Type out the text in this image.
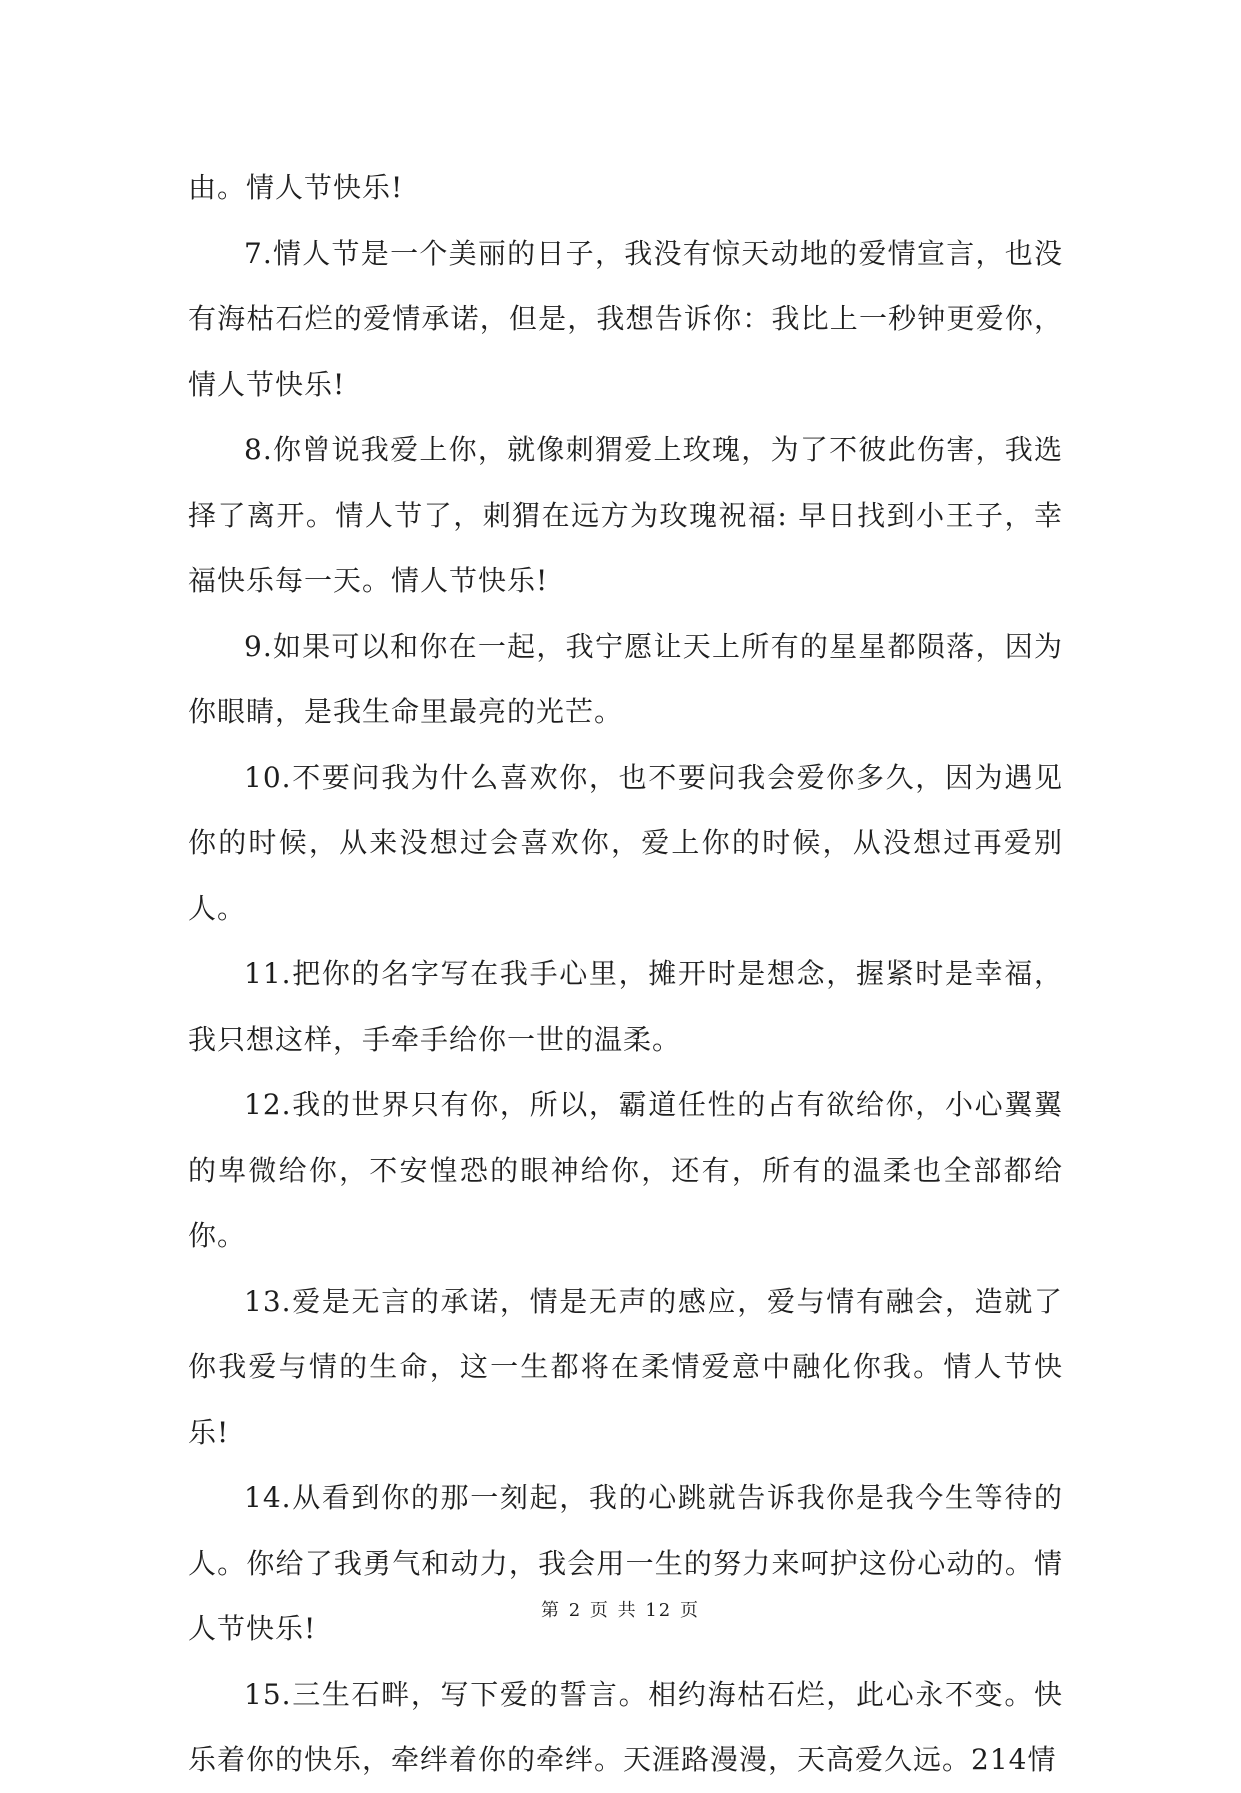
由。情人节快乐!

7.情人节是一个美丽的日子，我没有惊天动地的爱情宣言，也没有海枯石烂的爱情承诺，但是，我想告诉你：我比上一秒钟更爱你，情人节快乐!

8.你曾说我爱上你，就像刺猬爱上玫瑰，为了不彼此伤害，我选择了离开。情人节了，刺猬在远方为玫瑰祝福: 早日找到小王子，幸福快乐每一天。情人节快乐!

9.如果可以和你在一起，我宁愿让天上所有的星星都陨落，因为你眼睛，是我生命里最亮的光芒。

10.不要问我为什么喜欢你，也不要问我会爱你多久，因为遇见你的时候，从来没想过会喜欢你，爱上你的时候，从没想过再爱别人。

11.把你的名字写在我手心里，摊开时是想念，握紧时是幸福，我只想这样，手牵手给你一世的温柔。

12.我的世界只有你，所以，霸道任性的占有欲给你，小心翼翼的卑微给你，不安惶恐的眼神给你，还有，所有的温柔也全部都给你。

13.爱是无言的承诺，情是无声的感应，爱与情有融会，造就了你我爱与情的生命，这一生都将在柔情爱意中融化你我。情人节快乐!

14.从看到你的那一刻起，我的心跳就告诉我你是我今生等待的人。你给了我勇气和动力，我会用一生的努力来呵护这份心动的。情人节快乐!

15.三生石畔，写下爱的誓言。相约海枯石烂，此心永不变。快乐着你的快乐，牵绊着你的牵绊。天涯路漫漫，天高爱久远。214情

第 2 页 共 12 页
